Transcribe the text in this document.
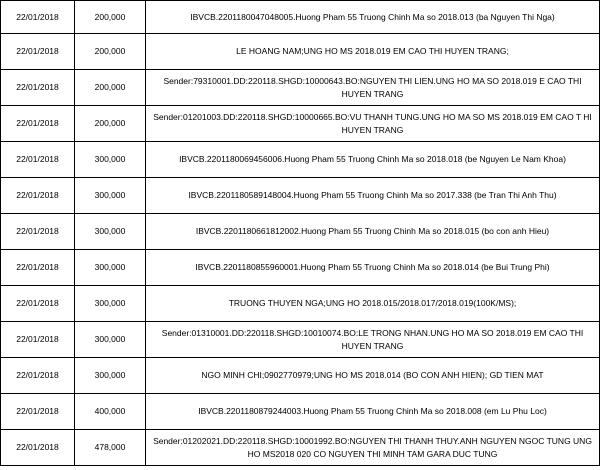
22/01/2018	200,000	IBVCB.2201180047048005.Huong Pham 55 Truong Chinh Ma so 2018.013 (ba Nguyen Thi Nga)
22/01/2018	200,000	LE HOANG NAM;UNG HO MS 2018.019 EM CAO THI HUYEN TRANG;
22/01/2018	200,000	Sender:79310001.DD:220118.SHGD:10000643.BO:NGUYEN THI LIEN.UNG HO MA SO 2018.019 E CAO THI HUYEN TRANG
22/01/2018	200,000	Sender:01201003.DD:220118.SHGD:10000665.BO:VU THANH TUNG.UNG HO MA SO MS 2018.019 EM CAO T HI HUYEN TRANG
22/01/2018	300,000	IBVCB.2201180069456006.Huong Pham 55 Truong Chinh Ma so 2018.018 (be Nguyen Le Nam Khoa)
22/01/2018	300,000	IBVCB.2201180589148004.Huong Pham 55 Truong Chinh Ma so 2017.338 (be Tran Thi Anh Thu)
22/01/2018	300,000	IBVCB.2201180661812002.Huong Pham 55 Truong Chinh Ma so 2018.015 (bo con anh Hieu)
22/01/2018	300,000	IBVCB.2201180855960001.Huong Pham 55 Truong Chinh Ma so 2018.014 (be Bui Trung Phi)
22/01/2018	300,000	TRUONG THUYEN NGA;UNG HO 2018.015/2018.017/2018.019(100K/MS);
22/01/2018	300,000	Sender:01310001.DD:220118.SHGD:10010074.BO:LE TRONG NHAN.UNG HO MA SO 2018.019 EM CAO THI HUYEN TRANG
22/01/2018	300,000	NGO MINH CHI;0902770979;UNG HO MS 2018.014 (BO CON ANH HIEN); GD TIEN MAT
22/01/2018	400,000	IBVCB.2201180879244003.Huong Pham 55 Truong Chinh Ma so 2018.008 (em Lu Phu Loc)
22/01/2018	478,000	Sender:01202021.DD:220118.SHGD:10001992.BO:NGUYEN THI THANH THUY.ANH NGUYEN NGOC TUNG UNG HO MS2018 020 CO NGUYEN THI MINH TAM GARA DUC TUNG
